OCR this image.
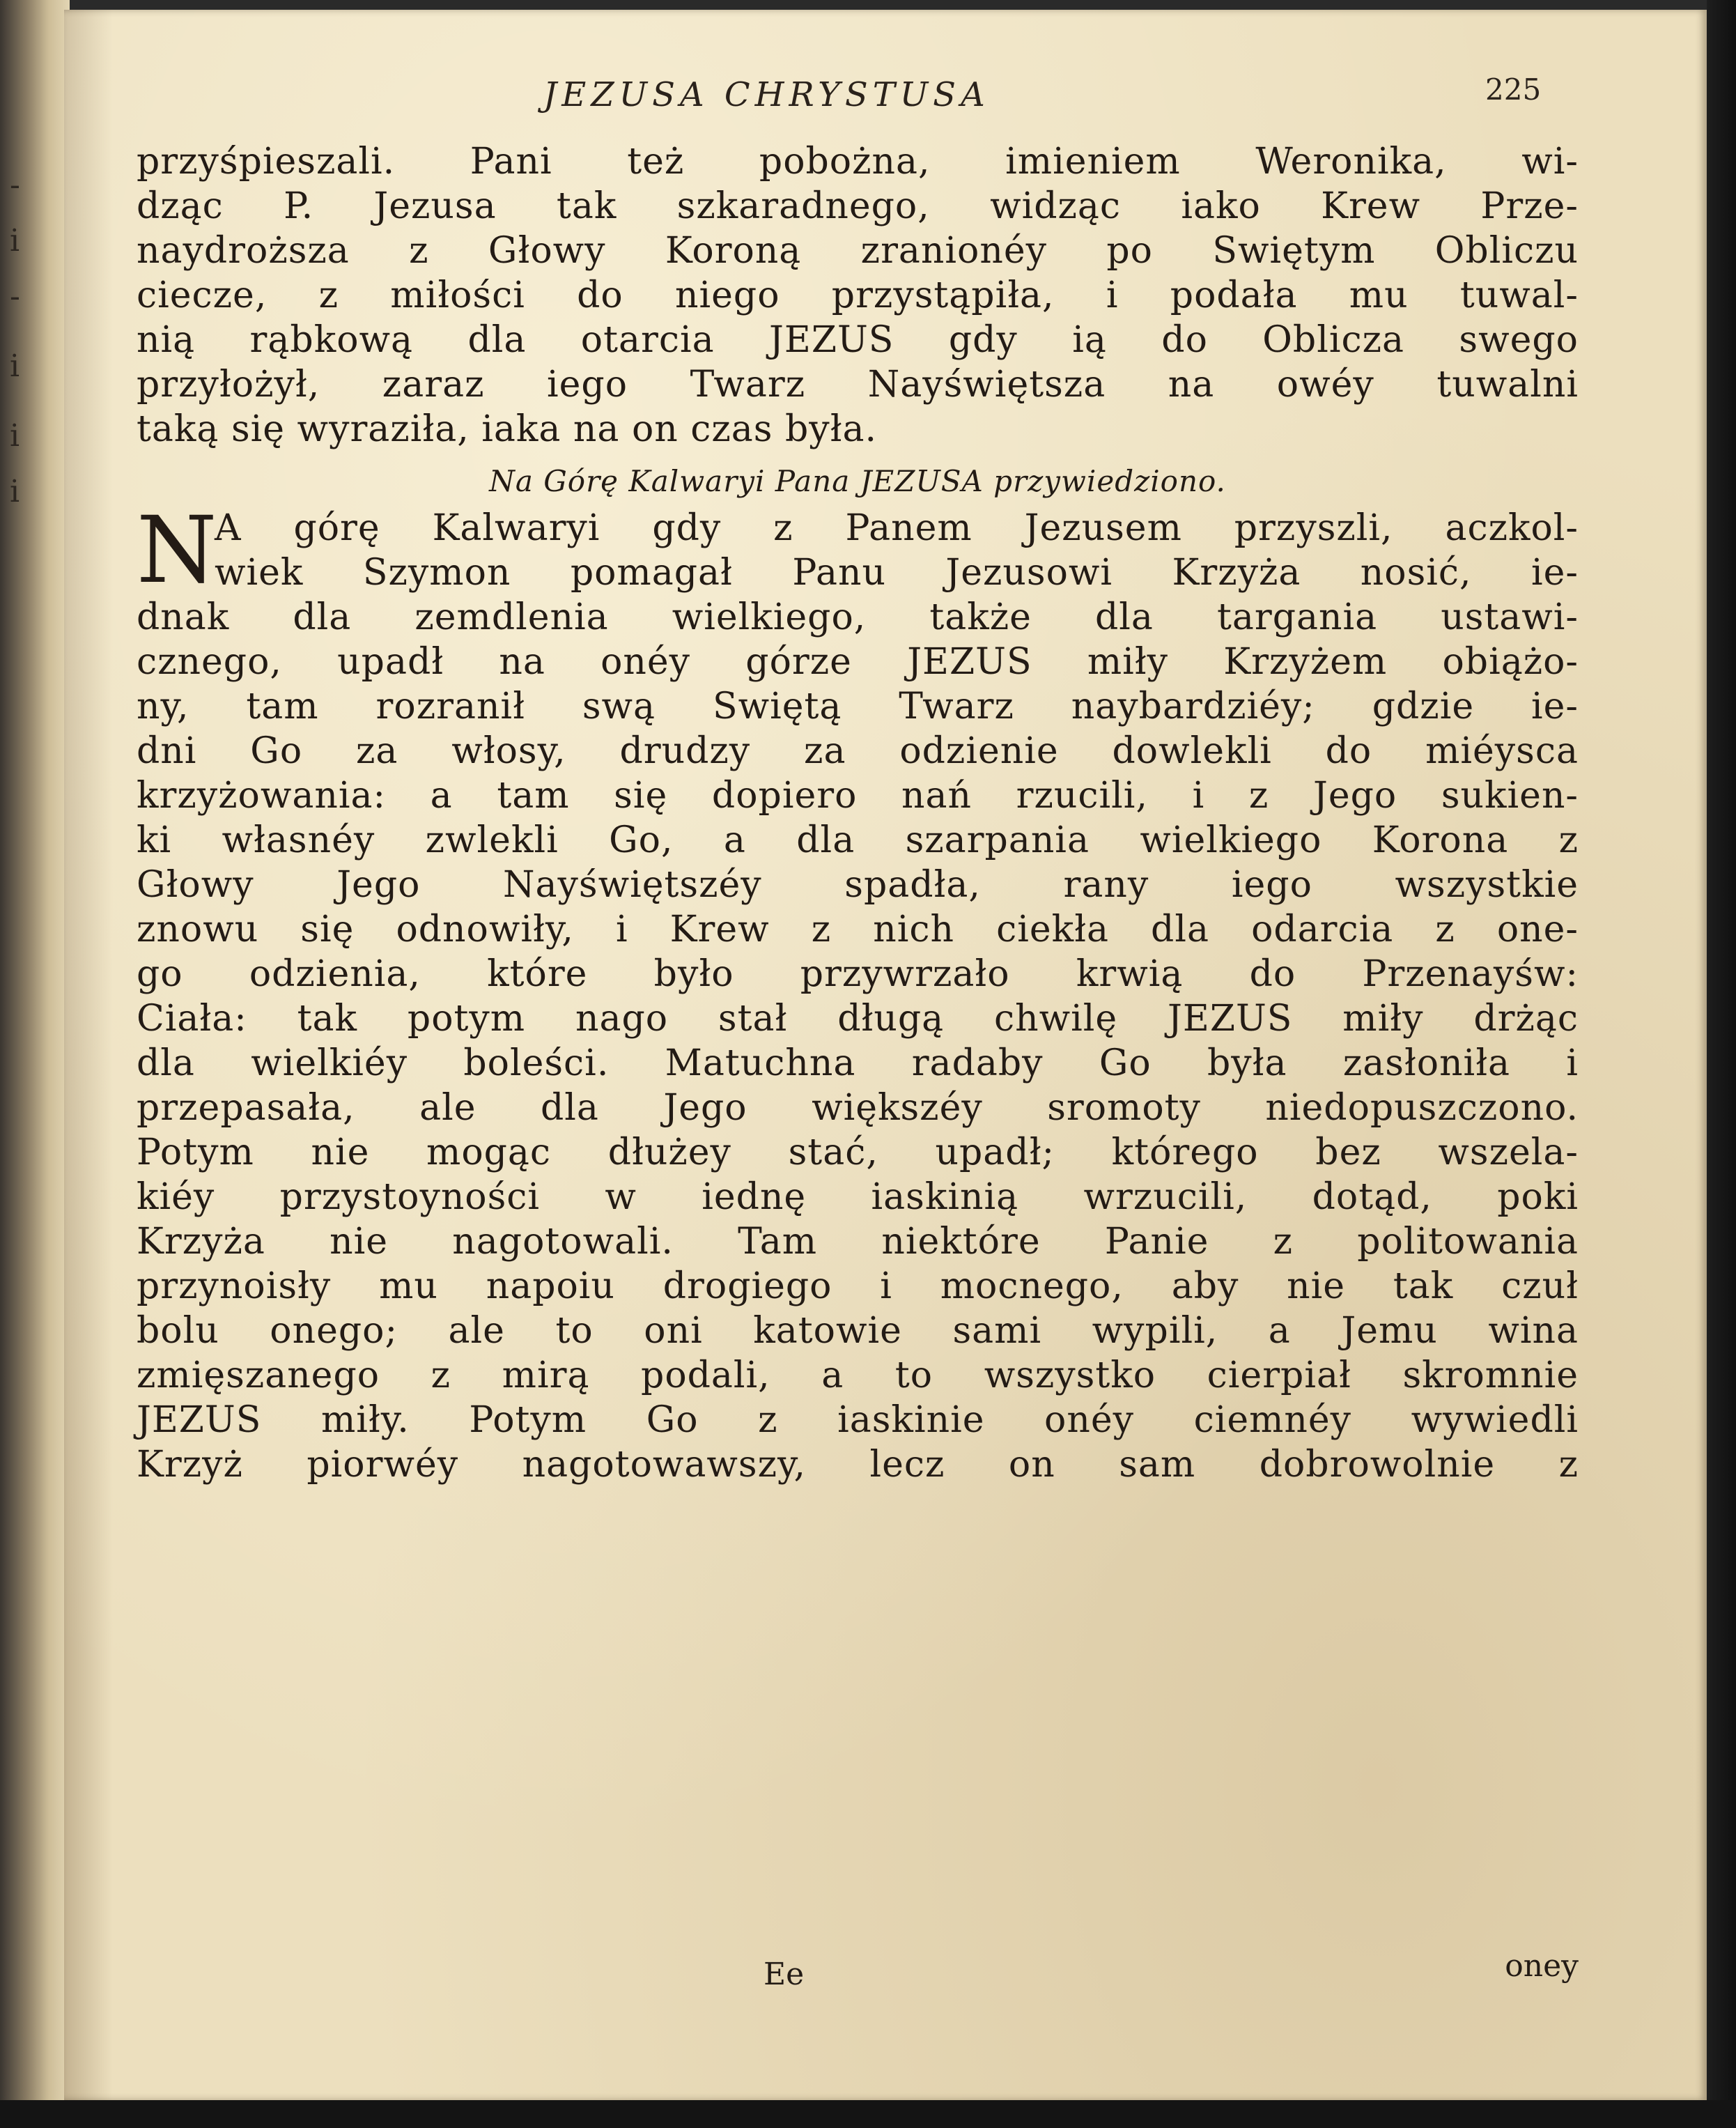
-
i
-
i
i
i
JEZUSA CHRYSTUSA	225
przyśpieszali. Pani też pobożna, imieniem Weronika, wi-
dząc P. Jezusa tak szkaradnego, widząc iako Krew Prze-
naydroższa z Głowy Koroną zranionéy po Swiętym Obliczu
ciecze, z miłości do niego przystąpiła, i podała mu tuwal-
nią rąbkową dla otarcia JEZUS gdy ią do Oblicza swego
przyłożył, zaraz iego Twarz Nayświętsza na owéy tuwalni
taką się wyraziła, iaka na on czas była.
Na Górę Kalwaryi Pana JEZUSA przywiedziono.
N
A górę Kalwaryi gdy z Panem Jezusem przyszli, aczkol-
wiek Szymon pomagał Panu Jezusowi Krzyża nosić, ie-
dnak dla zemdlenia wielkiego, także dla targania ustawi-
cznego, upadł na onéy górze JEZUS miły Krzyżem obiążo-
ny, tam rozranił swą Swiętą Twarz naybardziéy; gdzie ie-
dni Go za włosy, drudzy za odzienie dowlekli do miéysca
krzyżowania: a tam się dopiero nań rzucili, i z Jego sukien-
ki własnéy zwlekli Go, a dla szarpania wielkiego Korona z
Głowy Jego Nayświętszéy spadła, rany iego wszystkie
znowu się odnowiły, i Krew z nich ciekła dla odarcia z one-
go odzienia, które było przywrzało krwią do Przenayśw:
Ciała: tak potym nago stał długą chwilę JEZUS miły drżąc
dla wielkiéy boleści. Matuchna radaby Go była zasłoniła i
przepasała, ale dla Jego większéy sromoty niedopuszczono.
Potym nie mogąc dłużey stać, upadł; którego bez wszela-
kiéy przystoyności w iednę iaskinią wrzucili, dotąd, poki
Krzyża nie nagotowali. Tam niektóre Panie z politowania
przynoisły mu napoiu drogiego i mocnego, aby nie tak czuł
bolu onego; ale to oni katowie sami wypili, a Jemu wina
zmięszanego z mirą podali, a to wszystko cierpiał skromnie
JEZUS miły. Potym Go z iaskinie onéy ciemnéy wywiedli
Krzyż piorwéy nagotowawszy, lecz on sam dobrowolnie z
Ee	oney
